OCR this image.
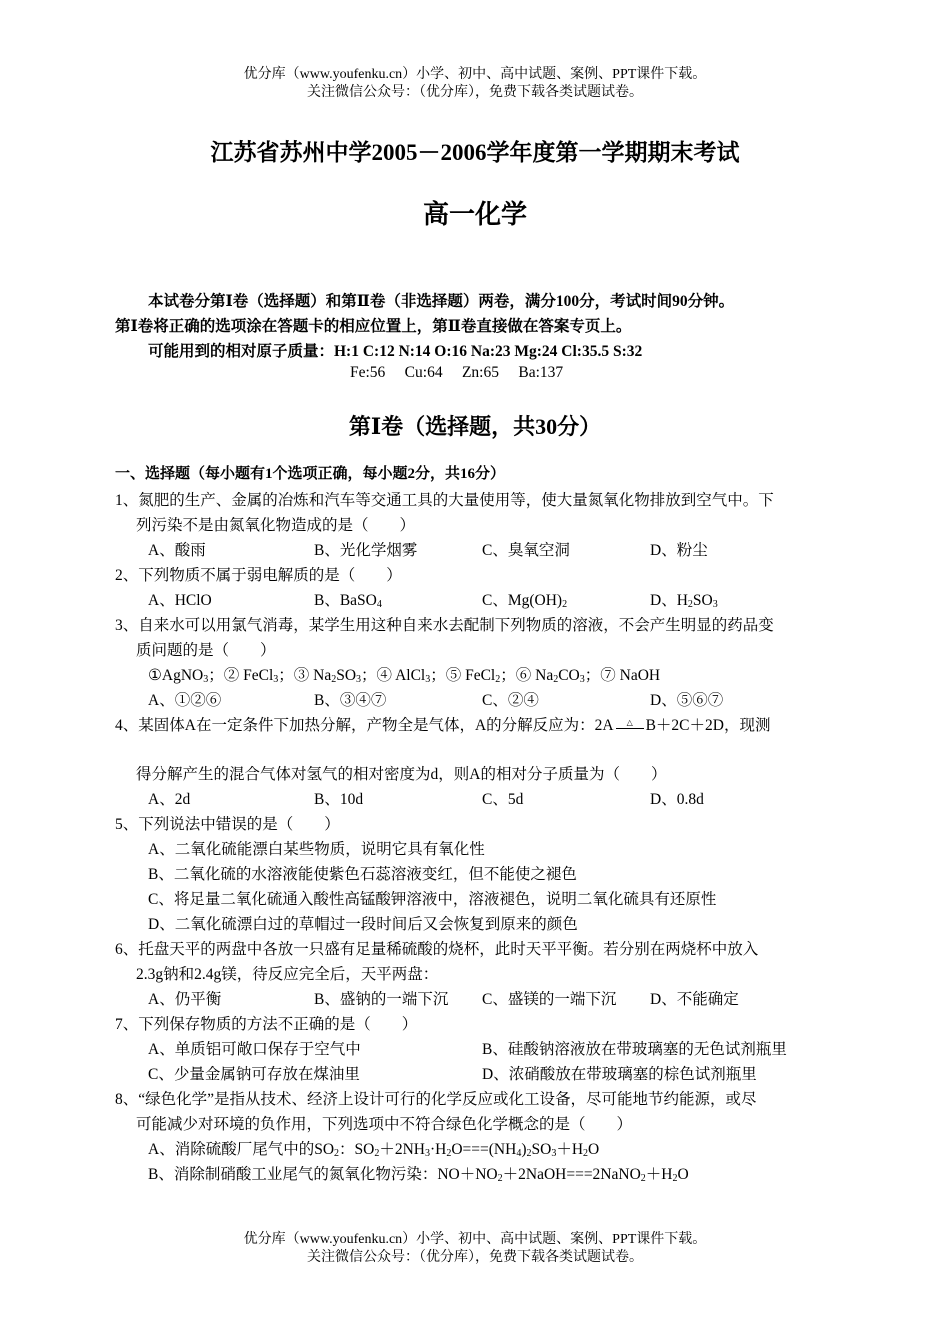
优分库（www.youfenku.cn）小学、初中、高中试题、案例、PPT课件下载。
关注微信公众号：（优分库），免费下载各类试题试卷。
江苏省苏州中学2005－2006学年度第一学期期末考试
高一化学
本试卷分第Ⅰ卷（选择题）和第Ⅱ卷（非选择题）两卷，满分100分，考试时间90分钟。
第Ⅰ卷将正确的选项涂在答题卡的相应位置上，第Ⅱ卷直接做在答案专页上。
可能用到的相对原子质量：H:1 C:12 N:14 O:16 Na:23 Mg:24 Cl:35.5 S:32
Fe:56     Cu:64     Zn:65     Ba:137
第Ⅰ卷（选择题，共30分）
一、选择题（每小题有1个选项正确，每小题2分，共16分）
1、氮肥的生产、金属的冶炼和汽车等交通工具的大量使用等，使大量氮氧化物排放到空气中。下
列污染不是由氮氧化物造成的是（　　）
A、酸雨	B、光化学烟雾	C、臭氧空洞	D、粉尘
2、下列物质不属于弱电解质的是（　　）
A、HClO	B、BaSO$_4$	C、$Mg(OH)_2$	D、$H_2SO_3$
3、自来水可以用氯气消毒，某学生用这种自来水去配制下列物质的溶液，不会产生明显的药品变
质问题的是（　　）
①AgNO$_3$；② FeCl$_3$；③ $Na_2SO_3$；④ AlCl$_3$；⑤ FeCl$_2$；⑥ $Na_2CO_3$；⑦ NaOH
A、①②⑥	B、③④⑦	C、②④	D、⑤⑥⑦
4、某固体A在一定条件下加热分解，产物全是气体，A的分解反应为：2A △ B＋2C＋2D，现测
得分解产生的混合气体对氢气的相对密度为d，则A的相对分子质量为（　　）
A、2d	B、10d	C、5d	D、0.8d
5、下列说法中错误的是（　　）
A、二氧化硫能漂白某些物质，说明它具有氧化性
B、二氧化硫的水溶液能使紫色石蕊溶液变红，但不能使之褪色
C、将足量二氧化硫通入酸性高锰酸钾溶液中，溶液褪色，说明二氧化硫具有还原性
D、二氧化硫漂白过的草帽过一段时间后又会恢复到原来的颜色
6、托盘天平的两盘中各放一只盛有足量稀硫酸的烧杯，此时天平平衡。若分别在两烧杯中放入
2.3g钠和2.4g镁，待反应完全后，天平两盘：
A、仍平衡	B、盛钠的一端下沉 C、盛镁的一端下沉 D、不能确定
7、下列保存物质的方法不正确的是（　　）
A、单质铝可敞口保存于空气中	B、硅酸钠溶液放在带玻璃塞的无色试剂瓶里
C、少量金属钠可存放在煤油里	D、浓硝酸放在带玻璃塞的棕色试剂瓶里
8、“绿色化学”是指从技术、经济上设计可行的化学反应或化工设备，尽可能地节约能源，或尽
可能减少对环境的负作用，下列选项中不符合绿色化学概念的是（　　）
A、消除硫酸厂尾气中的$SO_2$：$SO_2+2NH_3\cdot H_2O===(NH_4)_2SO_3+H_2O$
B、消除制硝酸工业尾气的氮氧化物污染：$NO+NO_2+2NaOH===2NaNO_2+H_2O$
优分库（www.youfenku.cn）小学、初中、高中试题、案例、PPT课件下载。
关注微信公众号：（优分库），免费下载各类试题试卷。
